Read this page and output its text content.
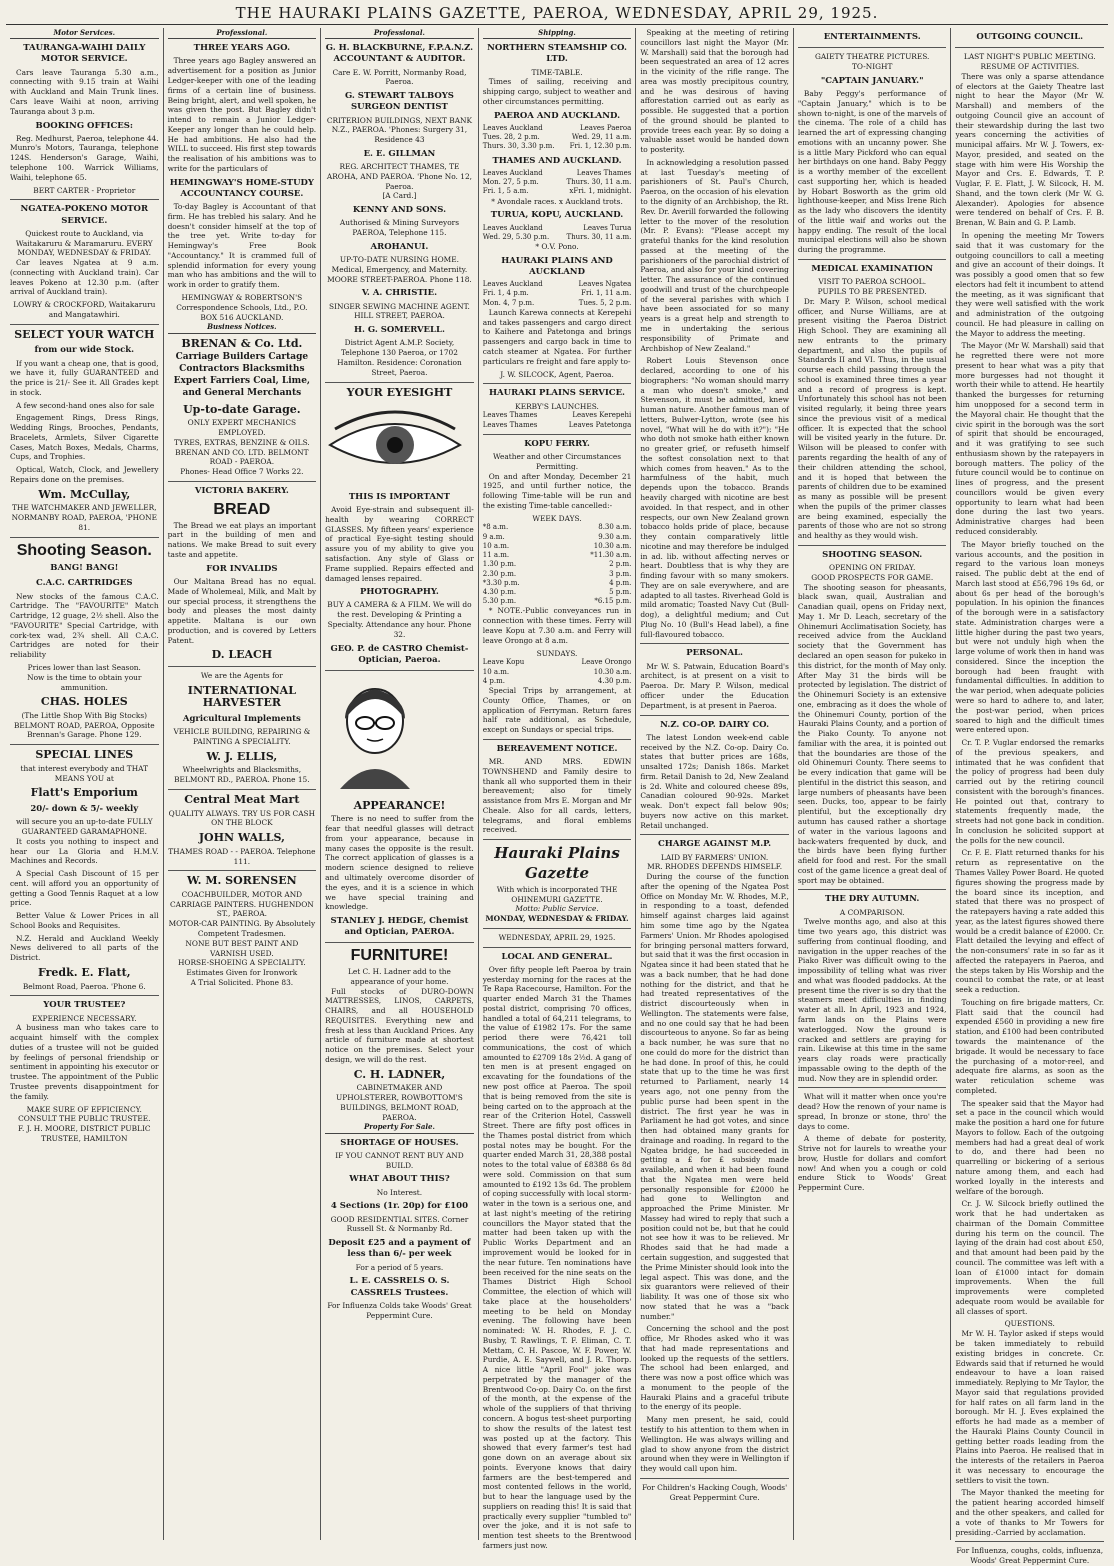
THE HAURAKI PLAINS GAZETTE, PAEROA, WEDNESDAY, APRIL 29, 1925.
Motor Services.
TAURANGA-WAIHI DAILY MOTOR SERVICE.

Cars leave Tauranga 5.30 a.m., connecting with 9.15 train at Waihi with Auckland and Main Trunk lines. Cars leave Waihi at noon, arriving Tauranga about 3 p.m.

BOOKING OFFICES:

Reg. Medhurst, Paeroa, telephone 44. Munro's Motors, Tauranga, telephone 124S. Henderson's Garage, Waihi, telephone 100. Warrick Williams, Waihi, telephone 65.

BERT CARTER - Proprietor
NGATEA-POKENO MOTOR SERVICE.
Quickest route to Auckland, via Waitakaruru & Maramaruru. EVERY MONDAY, WEDNESDAY & FRIDAY.

Car leaves Ngatea at 9 a.m. (connecting with Auckland train). Car leaves Pokeno at 12.30 p.m. (after arrival of Auckland train).

LOWRY & CROCKFORD, Waitakaruru and Mangatawhiri.
SELECT YOUR WATCH
from our wide Stock.

If you want a cheap one, that is good, we have it, fully GUARANTEED and the price is 21/- See it. All Grades kept in stock.

A few second-hand ones also for sale

Engagement Rings, Dress Rings, Wedding Rings, Brooches, Pendants, Bracelets, Armlets, Silver Cigarette Cases, Match Boxes, Medals, Charms, Cups, and Trophies.

Optical, Watch, Clock, and Jewellery Repairs done on the premises.

Wm. McCullay,
THE WATCHMAKER AND JEWELLER, NORMANBY ROAD, PAEROA, 'PHONE 81.
Shooting Season.
BANG! BANG!
C.A.C. CARTRIDGES

New stocks of the famous C.A.C. Cartridge. The "FAVOURITE" Match Cartridge, 12 guage, 2½ shell. Also the "FAVOURITE" Special Cartridge, with cork-tex wad, 2¾ shell. All C.A.C. Cartridges are noted for their reliability

Prices lower than last Season.
Now is the time to obtain your ammunition.
CHAS. HOLES
(The Little Shop With Big Stocks) BELMONT ROAD, PAEROA, Opposite Brennan's Garage. Phone 129.
SPECIAL LINES
that interest everybody and THAT MEANS YOU at
Flatt's Emporium
20/- down & 5/- weekly
will secure you an up-to-date FULLY GUARANTEED GARAMAPHONE.

It costs you nothing to inspect and hear our La Gloria and H.M.V. Machines and Records.

A Special Cash Discount of 15 per cent. will afford you an opportunity of getting a Good Tennis Raquet at a low price.

Better Value & Lower Prices in all School Books and Requisites.

N.Z. Herald and Auckland Weekly News delivered to all parts of the District.

Fredk. E. Flatt,
Belmont Road, Paeroa. 'Phone 6.
YOUR TRUSTEE?
EXPERIENCE NECESSARY.

A business man who takes care to acquaint himself with the complex duties of a trustee will not be guided by feelings of personal friendship or sentiment in appointing his executor or trustee. The appointment of the Public Trustee prevents disappointment for the family.

MAKE SURE OF EFFICIENCY.
CONSULT THE PUBLIC TRUSTEE.
F. J. H. MOORE, DISTRICT PUBLIC TRUSTEE, HAMILTON
Professional.
THREE YEARS AGO.

Three years ago Bagley answered an advertisement for a position as Junior Ledger-keeper with one of the leading firms of a certain line of business. Being bright, alert, and well spoken, he was given the post. But Bagley didn't intend to remain a Junior Ledger-Keeper any longer than he could help. He had ambitions. He also had the WILL to succeed. His first step towards the realisation of his ambitions was to write for the particulars of

HEMINGWAY'S HOME-STUDY ACCOUNTANCY COURSE.

To-day Bagley is Accountant of that firm. He has trebled his salary. And he doesn't consider himself at the top of the tree yet. Write to-day for Hemingway's Free Book "Accountancy." It is crammed full of splendid information for every young man who has ambitions and the will to work in order to gratify them.

HEMINGWAY & ROBERTSON'S Correspondence Schools, Ltd., P.O. BOX 516 AUCKLAND.
Business Notices.
BRENAN & Co. Ltd.
Carriage Builders Cartage Contractors Blacksmiths Expert Farriers Coal, Lime, and General Merchants
Up-to-date Garage.
ONLY EXPERT MECHANICS EMPLOYED.
TYRES, EXTRAS, BENZINE & OILS.
BRENAN AND CO. LTD. BELMONT ROAD - PAEROA.
Phones- Head Office 7 Works 22.
VICTORIA BAKERY.
BREAD

The Bread we eat plays an important part in the building of men and nations. We make Bread to suit every taste and appetite.

FOR INVALIDS

Our Maltana Bread has no equal. Made of Wholemeal, Milk, and Malt by our special process, it strengthens the body and pleases the most dainty appetite. Maltana is our own production, and is covered by Letters Patent.

D. LEACH
We are the Agents for
INTERNATIONAL HARVESTER
Agricultural Implements
VEHICLE BUILDING, REPAIRING & PAINTING A SPECIALITY.
W. J. ELLIS,
Wheelwrights and Blacksmiths, BELMONT RD., PAEROA. Phone 15.
Central Meat Mart
QUALITY ALWAYS. TRY US FOR CASH ON THE BLOCK
JOHN WALLS,
THAMES ROAD - - PAEROA. Telephone 111.
W. M. SORENSEN
COACHBUILDER, MOTOR AND CARRIAGE PAINTERS. HUGHENDON ST., PAEROA.
MOTOR-CAR PAINTING. By Absolutely Competent Tradesmen.
NONE BUT BEST PAINT AND VARNISH USED.
HORSE-SHOEING A SPECIALITY.
Estimates Given for Ironwork
A Trial Solicited. Phone 83.
Professional.
G. H. BLACKBURNE, F.P.A.N.Z. ACCOUNTANT & AUDITOR.
Care E. W. Porritt, Normanby Road, Paeroa.
G. STEWART TALBOYS SURGEON DENTIST
CRITERION BUILDINGS, NEXT BANK N.Z., PAEROA. 'Phones: Surgery 31, Residence 43
E. E. GILLMAN
REG. ARCHITECT THAMES, TE AROHA, AND PAEROA. 'Phone No. 12, Paeroa.
[A Card.]
KENNY AND SONS.
Authorised & Mining Surveyors PAEROA, Telephone 115.
AROHANUI.
UP-TO-DATE NURSING HOME. Medical, Emergency, and Maternity. MOORE STREET-PAEROA. Phone 118.
V. A. CHRISTIE.
SINGER SEWING MACHINE AGENT. HILL STREET, PAEROA.
H. G. SOMERVELL.
District Agent A.M.P. Society, Telephone 130 Paeroa, or 1702 Hamilton. Residence: Coronation Street, Paeroa.
YOUR EYESIGHT
THIS IS IMPORTANT

Avoid Eye-strain and subsequent ill-health by wearing CORRECT GLASSES. My fifteen years' experience of practical Eye-sight testing should assure you of my ability to give you satisfaction. Any style of Glass or Frame supplied. Repairs effected and damaged lenses repaired.

PHOTOGRAPHY.
BUY A CAMERA & A FILM. We will do the rest. Developing & Printing a Specialty. Attendance any hour. Phone 32.
GEO. P. de CASTRO Chemist-Optician, Paeroa.
APPEARANCE!

There is no need to suffer from the fear that needful glasses will detract from your appearance, because in many cases the opposite is the result. The correct application of glasses is a modern science designed to relieve and ultimately overcome disorder of the eyes, and it is a science in which we have special training and knowledge.

STANLEY J. HEDGE, Chemist and Optician, PAEROA.
FURNITURE!
Let C. H. Ladner add to the appearance of your home.

Full stocks of DURO-DOWN MATTRESSES, LINOS, CARPETS, CHAIRS, and all HOUSEHOLD REQUISITES. Everything new and fresh at less than Auckland Prices. Any article of furniture made at shortest notice on the premises. Select your design, we will do the rest.

C. H. LADNER,
CABINETMAKER AND UPHOLSTERER, ROWBOTTOM'S BUILDINGS, BELMONT ROAD, PAEROA.
Property For Sale.
SHORTAGE OF HOUSES.
IF YOU CANNOT RENT BUY AND BUILD.
WHAT ABOUT THIS?
No Interest.
4 Sections (1r. 20p) for £100
GOOD RESIDENTIAL SITES. Corner Russell St. & Normanby Rd.
Deposit £25 and a payment of less than 6/- per week
For a period of 5 years.
L. E. CASSRELS O. S. CASSRELS Trustees.
For Influenza Colds take Woods' Great Peppermint Cure.
Shipping.
NORTHERN STEAMSHIP CO. LTD.
TIME-TABLE.

Times of sailing, receiving and shipping cargo, subject to weather and other circumstances permitting.

PAEROA AND AUCKLAND.
Leaves Auckland	Leaves Paeroa
Tues. 28, 2 p.m.	Wed. 29, 11 a.m.
Thurs. 30, 3.30 p.m.	Fri. 1, 12.30 p.m.
THAMES AND AUCKLAND.
Leaves Auckland	Leaves Thames
Mon. 27, 5 p.m.	Thurs. 30, 11 a.m.
Fri. 1, 5 a.m.	xFri. 1, midnight.
* Avondale races. x Auckland trots.
TURUA, KOPU, AUCKLAND.
Leaves Auckland	Leaves Turua
Wed. 29, 5.30 p.m.	Thurs. 30, 11 a.m.
* O.V. Pono.
HAURAKI PLAINS AND AUCKLAND
Leaves Auckland	Leaves Ngatea
Fri. 1, 4 p.m.	Fri. 1, 11 a.m.
Mon. 4, 7 p.m.	Tues. 5, 2 p.m.

Launch Karewa connects at Kerepehi and takes passengers and cargo direct to Kaihere and Patetonga and brings passengers and cargo back in time to catch steamer at Ngatea. For further particulars re freight and fare apply to-

J. W. SILCOCK, Agent, Paeroa.
HAURAKI PLAINS SERVICE.
KERBY'S LAUNCHES.
Leaves Thames	Leaves Kerepehi
Leaves Thames	Leaves Patetonga
KOPU FERRY.
Weather and other Circumstances Permitting.

On and after Monday, December 21 1925, and until further notice, the following Time-table will be run and the existing Time-table cancelled:-

WEEK DAYS.
*8 a.m.	8.30 a.m.
9 a.m.	9.30 a.m.
10 a.m.	10.30 a.m.
11 a.m.	*11.30 a.m.
1.30 p.m.	2 p.m.
2.30 p.m.	3 p.m.
*3.30 p.m.	4 p.m.
4.30 p.m.	5 p.m.
5.30 p.m.	*6.15 p.m.

* NOTE.-Public conveyances run in connection with these times. Ferry will leave Kopu at 7.30 a.m. and Ferry will leave Orongo at 8 a.m.

SUNDAYS.
Leave Kopu	Leave Orongo
10 a.m.	10.30 a.m.
4 p.m.	4.30 p.m.

Special Trips by arrangement, at County Office, Thames, or on application of Ferryman. Return fares half rate additional, as Schedule, except on Sundays or special trips.

BEREAVEMENT NOTICE.

MR. AND MRS. EDWIN TOWNSHEND and Family desire to thank all who supported them in their bereavement; also for timely assistance from Mrs E. Morgan and Mr Cheale. Also for all cards, letters, telegrams, and floral emblems received.

Hauraki Plains Gazette
With which is incorporated THE OHINEMURI GAZETTE.
Motto: Public Service.
MONDAY, WEDNESDAY & FRIDAY.
WEDNESDAY, APRIL 29, 1925.
LOCAL AND GENERAL.

Over fifty people left Paeroa by train yesterday morning for the races at the Te Rapa Racecourse, Hamilton. For the quarter ended March 31 the Thames postal district, comprising 70 offices, handled a total of 64,211 telegrams, to the value of £1982 17s. For the same period there were 76,421 toll communications, the cost of which amounted to £2709 18s 2½d. A gang of ten men is at present engaged on excavating for the foundations of the new post office at Paeroa. The spoil that is being removed from the site is being carted on to the approach at the rear of the Criterion Hotel, Casswell Street. There are fifty post offices in the Thames postal district from which postal notes may be bought. For the quarter ended March 31, 28,388 postal notes to the total value of £8388 6s 8d were sold. Commission on that sum amounted to £192 13s 6d. The problem of coping successfully with local storm-water in the town is a serious one, and at last night's meeting of the retiring councillors the Mayor stated that the matter had been taken up with the Public Works Department and an improvement would be looked for in the near future. Ten nominations have been received for the nine seats on the Thames District High School Committee, the election of which will take place at the householders' meeting to be held on Monday evening. The following have been nominated: W. H. Rhodes, F. J. C. Busby, T. Rawlings, T. F. Eliman, C. T. Mettam, C. H. Pascoe, W. F. Power, W. Purdie, A. E. Saywell, and J. R. Thorp. A nice little "April Fool" joke was perpetrated by the manager of the Brentwood Co-op. Dairy Co. on the first of the month, at the expense of the whole of the suppliers of that thriving concern. A bogus test-sheet purporting to show the results of the latest test was posted up at the factory. This showed that every farmer's test had gone down on an average about six points. Everyone knows that dairy farmers are the best-tempered and most contented fellows in the world, but to hear the language used by the suppliers on reading this! It is said that practically every supplier "tumbled to" over the joke, and it is not safe to mention test sheets to the Brentwood farmers just now.

Speaking at the meeting of retiring councillors last night the Mayor (Mr. W. Marshall) said that the borough had been sequestrated an area of 12 acres in the vicinity of the rifle range. The area was mostly precipitous country, and he was desirous of having afforestation carried out as early as possible. He suggested that a portion of the ground should be planted to provide trees each year. By so doing a valuable asset would be handed down to posterity.

In acknowledging a resolution passed at last Tuesday's meeting of parishioners of St. Paul's Church, Paeroa, on the occasion of his elevation to the dignity of an Archbishop, the Rt. Rev. Dr. Averill forwarded the following letter to the mover of the resolution (Mr. P. Evans): "Please accept my grateful thanks for the kind resolution passed at the meeting of the parishioners of the parochial district of Paeroa, and also for your kind covering letter. The assurance of the continued goodwill and trust of the churchpeople of the several parishes with which I have been associated for so many years is a great help and strength to me in undertaking the serious responsibility of Primate and Archbishop of New Zealand."

Robert Louis Stevenson once declared, according to one of his biographers: "No woman should marry a man who doesn't smoke," and Stevenson, it must be admitted, knew human nature. Another famous man of letters, Bulwer-Lytton, wrote (see his novel, "What will he do with it?"): "He who doth not smoke hath either known no greater grief, or refuseth himself the softest consolation next to that which comes from heaven." As to the harmfulness of the habit, much depends upon the tobacco. Brands heavily charged with nicotine are best avoided. In that respect, and in other respects, our own New Zealand grown tobacco holds pride of place, because they contain comparatively little nicotine and may therefore be indulged in ad. lib. without affecting nerves or heart. Doubtless that is why they are finding favour with so many smokers. They are on sale everywhere, and are adapted to all tastes. Riverhead Gold is mild aromatic; Toasted Navy Cut (Bull-dog), a delightful medium; and Cut Plug No. 10 (Bull's Head label), a fine full-flavoured tobacco.

PERSONAL.

Mr W. S. Patwain, Education Board's architect, is at present on a visit to Paeroa. Dr. Mary P. Wilson, medical officer under the Education Department, is at present in Paeroa.

N.Z. CO-OP. DAIRY CO.

The latest London week-end cable received by the N.Z. Co-op. Dairy Co. states that butter prices are 168s, unsalted 172s; Danish 186s. Market firm. Retail Danish to 2d, New Zealand is 2d. White and coloured cheese 89s, Canadian coloured 90-92s. Market weak. Don't expect fall below 90s; buyers now active on this market. Retail unchanged.

CHARGE AGAINST M.P.
LAID BY FARMERS' UNION.
MR. RHODES DEFENDS HIMSELF.

During the course of the function after the opening of the Ngatea Post Office on Monday Mr. W. Rhodes, M.P., in responding to a toast, defended himself against charges laid against him some time ago by the Ngatea Farmers' Union. Mr Rhodes apologised for bringing personal matters forward, but said that it was the first occasion in Ngatea since it had been stated that he was a back number, that he had done nothing for the district, and that he had treated representatives of the district discourteously when in Wellington. The statements were false, and no one could say that he had been discourteous to anyone. So far as being a back number, he was sure that no one could do more for the district than he had done. In proof of this, he could state that up to the time he was first returned to Parliament, nearly 14 years ago, not one penny from the public purse had been spent in the district. The first year he was in Parliament he had got votes, and since then had obtained many grants for drainage and roading. In regard to the Ngatea bridge, he had succeeded in getting a £ for £ subsidy made available, and when it had been found that the Ngatea men were held personally responsible for £2000 he had gone to Wellington and approached the Prime Minister. Mr Massey had wired to reply that such a position could not be, but that he could not see how it was to be relieved. Mr Rhodes said that he had made a certain suggestion, and suggested that the Prime Minister should look into the legal aspect. This was done, and the six guarantors were relieved of their liability. It was one of those six who now stated that he was a "back number."

Concerning the school and the post office, Mr Rhodes asked who it was that had made representations and looked up the requests of the settlers. The school had been enlarged, and there was now a post office which was a monument to the people of the Hauraki Plains and a graceful tribute to the energy of its people.

Many men present, he said, could testify to his attention to them when in Wellington. He was always willing and glad to show anyone from the district around when they were in Wellington if they would call upon him.

For Children's Hacking Cough, Woods' Great Peppermint Cure.
ENTERTAINMENTS.
GAIETY THEATRE PICTURES.
TO-NIGHT
"CAPTAIN JANUARY."

Baby Peggy's performance of "Captain January," which is to be shown to-night, is one of the marvels of the cinema. The role of a child has learned the art of expressing changing emotions with an uncanny power. She is a little Mary Pickford who can equal her birthdays on one hand. Baby Peggy is a worthy member of the excellent cast supporting her, which is headed by Hobart Bosworth as the grim old lighthouse-keeper, and Miss Irene Rich as the lady who discovers the identity of the little waif and works out the happy ending. The result of the local municipal elections will also be shown during the programme.

MEDICAL EXAMINATION
VISIT TO PAEROA SCHOOL.
PUPILS TO BE PRESENTED.

Dr. Mary P. Wilson, school medical officer, and Nurse Williams, are at present visiting the Paeroa District High School. They are examining all new entrants to the primary department, and also the pupils of Standards II and VI. Thus, in the usual course each child passing through the school is examined three times a year and a record of progress is kept. Unfortunately this school has not been visited regularly, it being three years since the previous visit of a medical officer. It is expected that the school will be visited yearly in the future. Dr. Wilson will be pleased to confer with parents regarding the health of any of their children attending the school, and it is hoped that between the parents of children due to be examined as many as possible will be present when the pupils of the primer classes are being examined, especially the parents of those who are not so strong and healthy as they would wish.

SHOOTING SEASON.
OPENING ON FRIDAY.
GOOD PROSPECTS FOR GAME.

The shooting season for pheasants, black swan, quail, Australian and Canadian quail, opens on Friday next, May 1. Mr D. Leach, secretary of the Ohinemuri Acclimatisation Society, has received advice from the Auckland society that the Government has declared an open season for pukeko in this district, for the month of May only. After May 31 the birds will be protected by legislation. The district of the Ohinemuri Society is an extensive one, embracing as it does the whole of the Ohinemuri County, portion of the Hauraki Plains County, and a portion of the Piako County. To anyone not familiar with the area, it is pointed out that the boundaries are those of the old Ohinemuri County. There seems to be every indication that game will be plentiful in the district this season, and large numbers of pheasants have been seen. Ducks, too, appear to be fairly plentiful, but the exceptionally dry autumn has caused rather a shortage of water in the various lagoons and back-waters frequented by duck, and the birds have been flying further afield for food and rest. For the small cost of the game licence a great deal of sport may be obtained.

THE DRY AUTUMN.
A COMPARISON.

Twelve months ago, and also at this time two years ago, this district was suffering from continual flooding, and navigation in the upper reaches of the Piako River was difficult owing to the impossibility of telling what was river and what was flooded paddocks. At the present time the river is so dry that the steamers meet difficulties in finding water at all. In April, 1923 and 1924, farm lands on the Plains were waterlogged. Now the ground is cracked and settlers are praying for rain. Likewise at this time in the same years clay roads were practically impassable owing to the depth of the mud. Now they are in splendid order.

What will it matter when once you're dead? How the renown of your name is spread, In bronze or stone, thro' the days to come.

A theme of debate for posterity, Strive not for laurels to wreathe your brow, Hustle for dollars and comfort now! And when you a cough or cold endure Stick to Woods' Great Peppermint Cure.

OUTGOING COUNCIL.
LAST NIGHT'S PUBLIC MEETING.
RESUME OF ACTIVITIES.

There was only a sparse attendance of electors at the Gaiety Theatre last night to hear the Mayor (Mr W. Marshall) and members of the outgoing Council give an account of their stewardship during the last two years concerning the activities of municipal affairs. Mr W. J. Towers, ex-Mayor, presided, and seated on the stage with him were His Worship the Mayor and Crs. E. Edwards, T. P. Vuglar, F. E. Flatt, J. W. Silcock, H. M. Shand, and the town clerk (Mr W. G. Alexander). Apologies for absence were tendered on behalf of Crs. F. B. Brenan, W. Bain and G. P. Lamb.

In opening the meeting Mr Towers said that it was customary for the outgoing councillors to call a meeting and give an account of their doings. It was possibly a good omen that so few electors had felt it incumbent to attend the meeting, as it was significant that they were well satisfied with the work and administration of the outgoing council. He had pleasure in calling on the Mayor to address the meeting.

The Mayor (Mr W. Marshall) said that he regretted there were not more present to hear what was a pity that more burgesses had not thought it worth their while to attend. He heartily thanked the burgesses for returning him unopposed for a second term in the Mayoral chair. He thought that the civic spirit in the borough was the sort of spirit that should be encouraged, and it was gratifying to see such enthusiasm shown by the ratepayers in borough matters. The policy of the future council would be to continue on lines of progress, and the present councillors would be given every opportunity to learn what had been done during the last two years. Administrative charges had been reduced considerably.

The Mayor briefly touched on the various accounts, and the position in regard to the various loan moneys raised. The public debt at the end of March last stood at £56,796 19s 6d, or about 6s per head of the borough's population. In his opinion the finances of the borough were in a satisfactory state. Administration charges were a little higher during the past two years, but were not unduly high when the large volume of work then in hand was considered. Since the inception the borough had been fraught with fundamental difficulties. In addition to the war period, when adequate policies were so hard to adhere to, and later, the post-war period, when prices soared to high and the difficult times were entered upon.

Cr. T. P. Vuglar endorsed the remarks of the previous speakers, and intimated that he was confident that the policy of progress had been duly carried out by the retiring council consistent with the borough's finances. He pointed out that, contrary to statements frequently made, the streets had not gone back in condition. In conclusion he solicited support at the polls for the new council.

Cr. F. E. Flatt returned thanks for his return as representative on the Thames Valley Power Board. He quoted figures showing the progress made by the board since its inception, and stated that there was no prospect of the ratepayers having a rate added this year, as the latest figures showed there would be a credit balance of £2000. Cr. Flatt detailed the levying and effect of the non-consumers' rate in so far as it affected the ratepayers in Paeroa, and the steps taken by His Worship and the council to combat the rate, or at least seek a reduction.

Touching on fire brigade matters, Cr. Flatt said that the council had expended £560 in providing a new fire station, and £100 had been contributed towards the maintenance of the brigade. It would be necessary to face the purchasing of a motor-reel, and adequate fire alarms, as soon as the water reticulation scheme was completed.

The speaker said that the Mayor had set a pace in the council which would make the position a hard one for future Mayors to follow. Each of the outgoing members had had a great deal of work to do, and there had been no quarrelling or bickering of a serious nature among them, and each had worked loyally in the interests and welfare of the borough.

Cr. J. W. Silcock briefly outlined the work that he had undertaken as chairman of the Domain Committee during his term on the council. The laying of the drain had cost about £50, and that amount had been paid by the council. The committee was left with a loan of £1000 intact for domain improvements. When the full improvements were completed adequate room would be available for all classes of sport.

QUESTIONS.

Mr W. H. Taylor asked if steps would be taken immediately to rebuild existing bridges in concrete. Cr. Edwards said that if returned he would endeavour to have a loan raised immediately. Replying to Mr Taylor, the Mayor said that regulations provided for half rates on all farm land in the borough. Mr H. J. Eves explained the efforts he had made as a member of the Hauraki Plains County Council in getting better roads leading from the Plains into Paeroa. He realised that in the interests of the retailers in Paeroa it was necessary to encourage the settlers to visit the town.

The Mayor thanked the meeting for the patient hearing accorded himself and the other speakers, and called for a vote of thanks to Mr Towers for presiding.-Carried by acclamation.

For Influenza, coughs, colds, influenza, Woods' Great Peppermint Cure.
